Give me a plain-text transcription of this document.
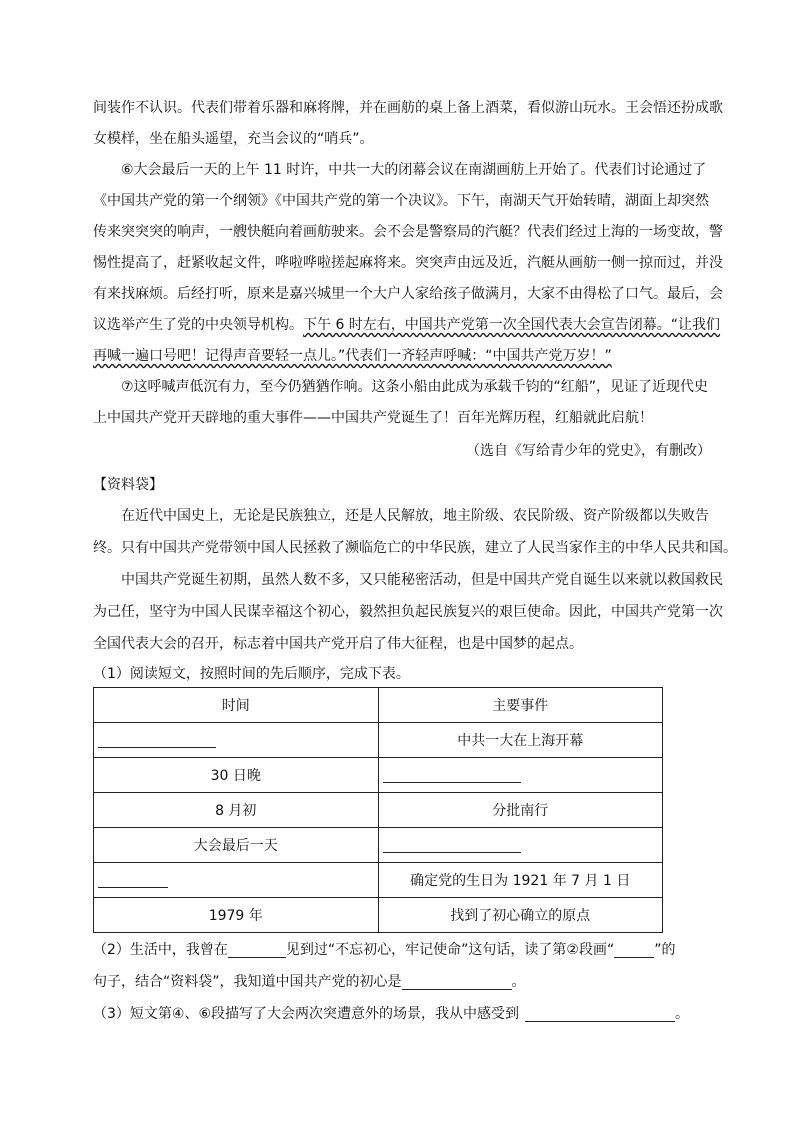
间装作不认识。代表们带着乐器和麻将牌，并在画舫的桌上备上酒菜，看似游山玩水。王会悟还扮成歌
女模样，坐在船头遥望，充当会议的“哨兵”。
⑥大会最后一天的上午 11 时许，中共一大的闭幕会议在南湖画舫上开始了。代表们讨论通过了
《中国共产党的第一个纲领》《中国共产党的第一个决议》。下午，南湖天气开始转晴，湖面上却突然
传来突突突的响声，一艘快艇向着画舫驶来。会不会是警察局的汽艇？代表们经过上海的一场变故，警
惕性提高了，赶紧收起文件，哗啦哗啦搓起麻将来。突突声由远及近，汽艇从画舫一侧一掠而过，并没
有来找麻烦。后经打听，原来是嘉兴城里一个大户人家给孩子做满月，大家不由得松了口气。最后，会
议选举产生了党的中央领导机构。下午 6 时左右，中国共产党第一次全国代表大会宣告闭幕。“让我们
再喊一遍口号吧！记得声音要轻一点儿。”代表们一齐轻声呼喊：“中国共产党万岁！”
⑦这呼喊声低沉有力，至今仍猶猶作响。这条小船由此成为承载千钧的“红船”，见证了近现代史
上中国共产党开天辟地的重大事件——中国共产党诞生了！百年光辉历程，红船就此启航！
（选自《写给青少年的党史》，有删改）
【资料袋】
在近代中国史上，无论是民族独立，还是人民解放，地主阶级、农民阶级、资产阶级都以失败告
终。只有中国共产党带领中国人民拯救了濒临危亡的中华民族，建立了人民当家作主的中华人民共和国。
中国共产党诞生初期，虽然人数不多，又只能秘密活动，但是中国共产党自诞生以来就以救国救民
为己任，坚守为中国人民谋幸福这个初心，毅然担负起民族复兴的艰巨使命。因此，中国共产党第一次
全国代表大会的召开，标志着中国共产党开启了伟大征程，也是中国梦的起点。
（1）阅读短文，按照时间的先后顺序，完成下表。
时间	主要事件
	中共一大在上海开幕
30 日晚	
8 月初	分批南行
大会最后一天	
	确定党的生日为 1921 年 7 月 1 日
1979 年	找到了初心确立的原点
（2）生活中，我曾在	见到过“不忘初心，牢记使命”这句话，读了第②段画“	”的
句子，结合“资料袋”，我知道中国共产党的初心是	。
（3）短文第④、⑥段描写了大会两次突遭意外的场景，我从中感受到	。
